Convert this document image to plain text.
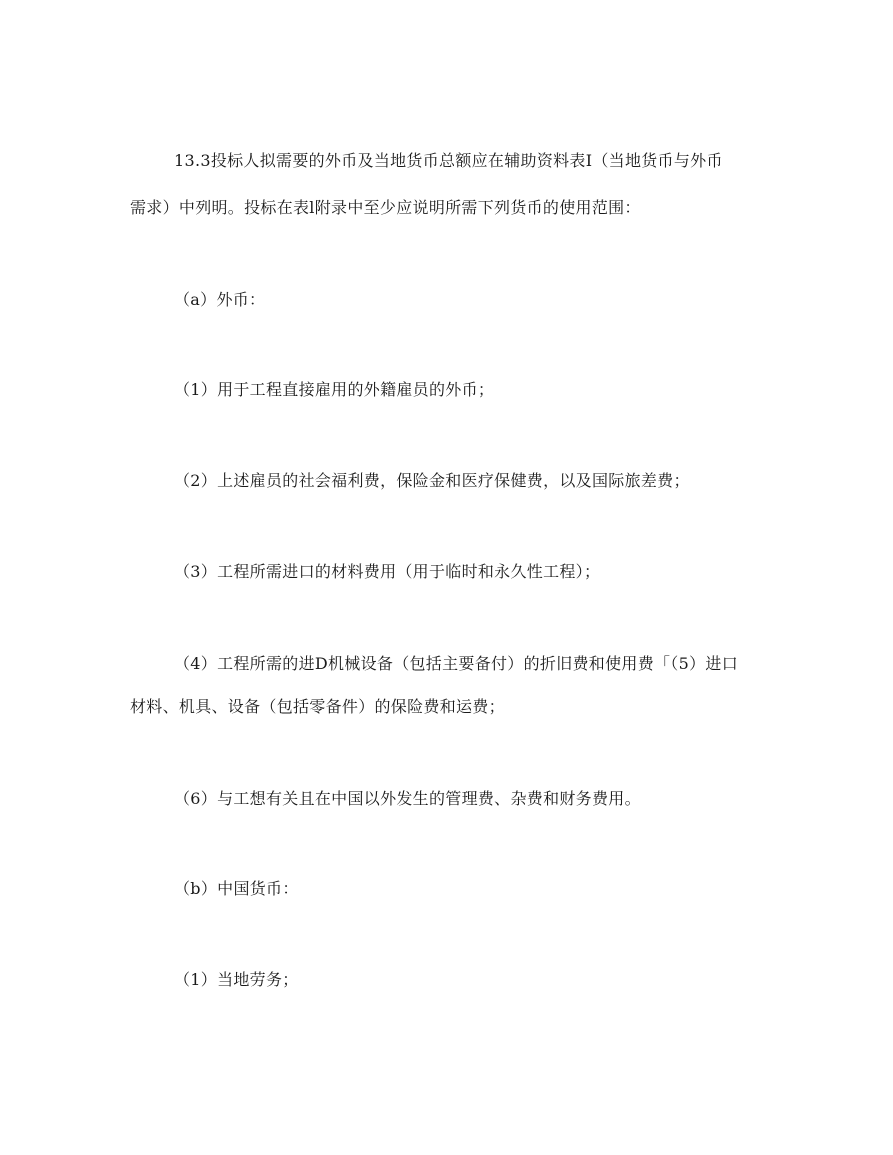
13.3投标人拟需要的外币及当地货币总额应在辅助资料表I（当地货币与外币
需求）中列明。投标在表l附录中至少应说明所需下列货币的使用范围：
（a）外币：
（1）用于工程直接雇用的外籍雇员的外币；
（2）上述雇员的社会福利费，保险金和医疗保健费，以及国际旅差费；
（3）工程所需进口的材料费用（用于临时和永久性工程）；
（4）工程所需的进D机械设备（包括主要备付）的折旧费和使用费「（5）进口
材料、机具、设备（包括零备件）的保险费和运费；
（6）与工想有关且在中国以外发生的管理费、杂费和财务费用。
（b）中国货币：
（1）当地劳务；
